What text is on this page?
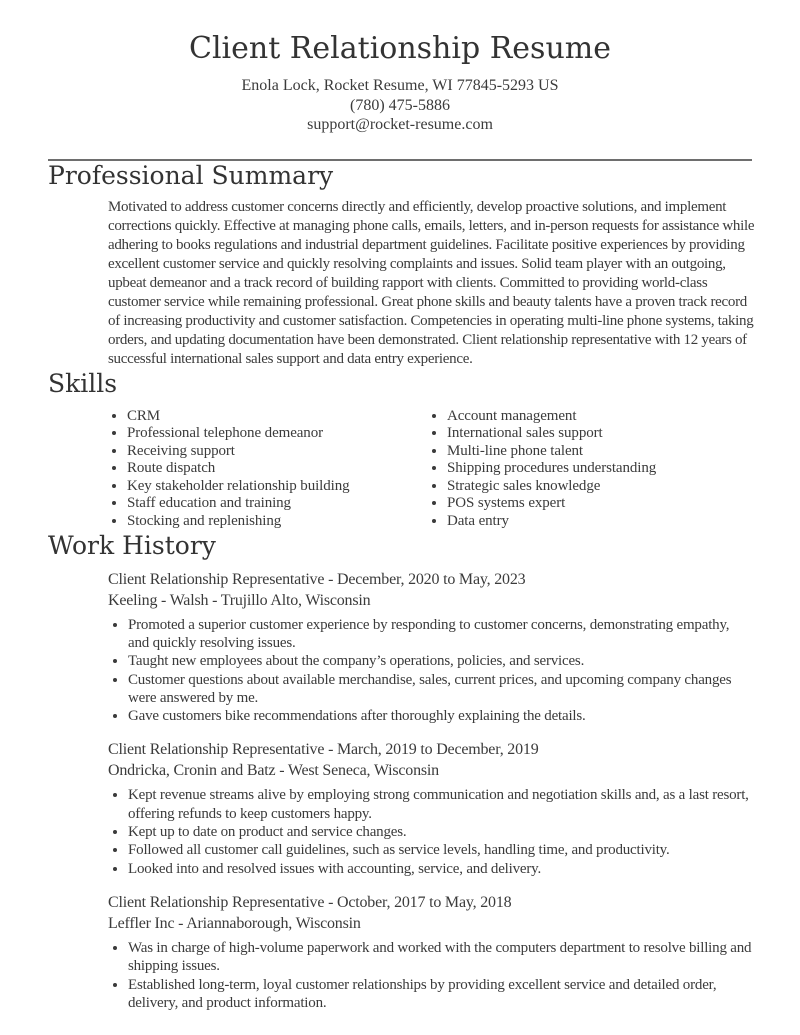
Client Relationship Resume
Enola Lock, Rocket Resume, WI 77845-5293 US
(780) 475-5886
support@rocket-resume.com
Professional Summary

Motivated to address customer concerns directly and efficiently, develop proactive solutions, and implement corrections quickly. Effective at managing phone calls, emails, letters, and in-person requests for assistance while adhering to books regulations and industrial department guidelines. Facilitate positive experiences by providing excellent customer service and quickly resolving complaints and issues. Solid team player with an outgoing, upbeat demeanor and a track record of building rapport with clients. Committed to providing world-class customer service while remaining professional. Great phone skills and beauty talents have a proven track record of increasing productivity and customer satisfaction. Competencies in operating multi-line phone systems, taking orders, and updating documentation have been demonstrated. Client relationship representative with 12 years of successful international sales support and data entry experience.

Skills
• CRM
• Professional telephone demeanor
• Receiving support
• Route dispatch
• Key stakeholder relationship building
• Staff education and training
• Stocking and replenishing
• Account management
• International sales support
• Multi-line phone talent
• Shipping procedures understanding
• Strategic sales knowledge
• POS systems expert
• Data entry
Work History
Client Relationship Representative - December, 2020 to May, 2023
Keeling - Walsh - Trujillo Alto, Wisconsin
• Promoted a superior customer experience by responding to customer concerns, demonstrating empathy, and quickly resolving issues.
• Taught new employees about the company’s operations, policies, and services.
• Customer questions about available merchandise, sales, current prices, and upcoming company changes were answered by me.
• Gave customers bike recommendations after thoroughly explaining the details.
Client Relationship Representative - March, 2019 to December, 2019
Ondricka, Cronin and Batz - West Seneca, Wisconsin
• Kept revenue streams alive by employing strong communication and negotiation skills and, as a last resort, offering refunds to keep customers happy.
• Kept up to date on product and service changes.
• Followed all customer call guidelines, such as service levels, handling time, and productivity.
• Looked into and resolved issues with accounting, service, and delivery.
Client Relationship Representative - October, 2017 to May, 2018
Leffler Inc - Ariannaborough, Wisconsin
• Was in charge of high-volume paperwork and worked with the computers department to resolve billing and shipping issues.
• Established long-term, loyal customer relationships by providing excellent service and detailed order, delivery, and product information.
